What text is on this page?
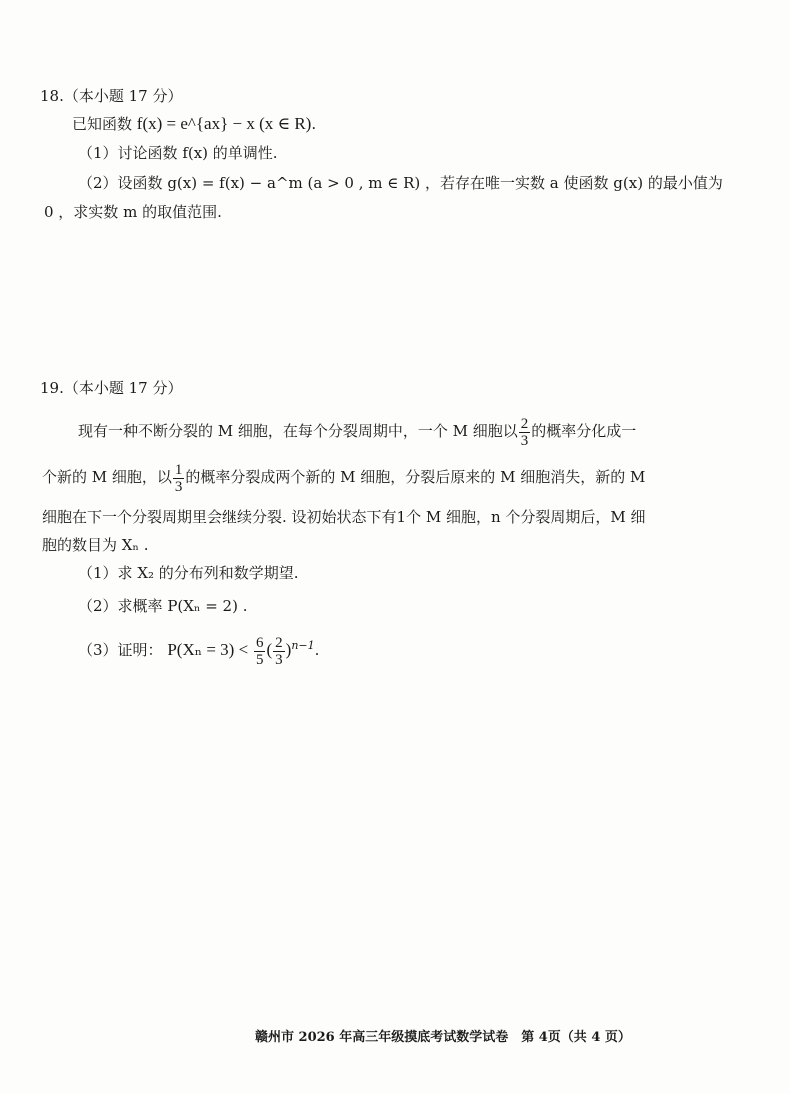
18.（本小题 17 分）
已知函数 f(x) = e^{ax} − x (x ∈ R).
（1）讨论函数 f(x) 的单调性.
（2）设函数 g(x) = f(x) − a^m (a > 0 , m ∈ R) ，若存在唯一实数 a 使函数 g(x) 的最小值为
0 ，求实数 m 的取值范围.
19.（本小题 17 分）
现有一种不断分裂的 M 细胞，在每个分裂周期中，一个 M 细胞以 $\frac{2}{3}$ 的概率分化成一
个新的 M 细胞，以 $\frac{1}{3}$ 的概率分裂成两个新的 M 细胞，分裂后原来的 M 细胞消失，新的 M
细胞在下一个分裂周期里会继续分裂. 设初始状态下有1个 M 细胞，n 个分裂周期后，M 细
胞的数目为 Xₙ .
（1）求 X₂ 的分布列和数学期望.
（2）求概率 P(Xₙ = 2) .
（3）证明： $P(X_n = 3) < \frac{6}{5}$ ( $\frac{2}{3} )^{n-1}$.
赣州市 2026 年高三年级摸底考试数学试卷　第 4页（共 4 页）
